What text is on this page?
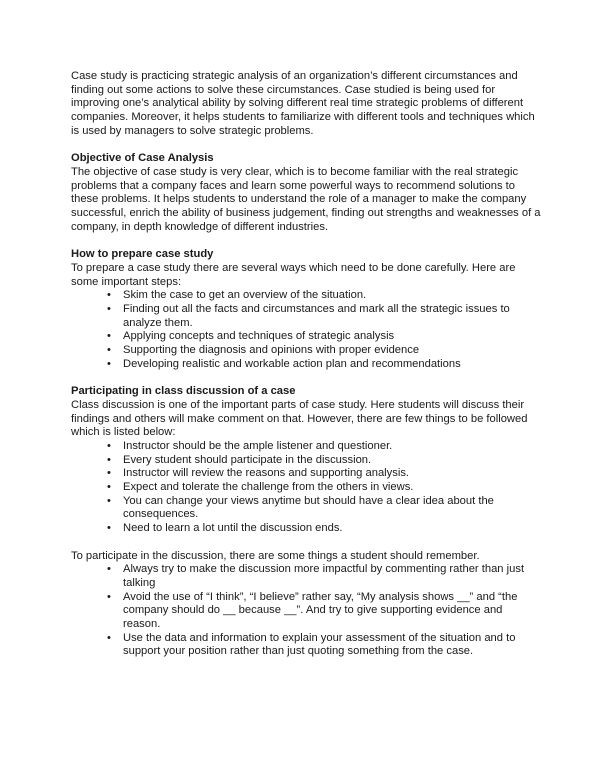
Case study is practicing strategic analysis of an organization’s different circumstances and finding out some actions to solve these circumstances. Case studied is being used for improving one’s analytical ability by solving different real time strategic problems of different companies. Moreover, it helps students to familiarize with different tools and techniques which is used by managers to solve strategic problems.

Objective of Case Analysis

The objective of case study is very clear, which is to become familiar with the real strategic problems that a company faces and learn some powerful ways to recommend solutions to these problems. It helps students to understand the role of a manager to make the company successful, enrich the ability of business judgement, finding out strengths and weaknesses of a company, in depth knowledge of different industries.

How to prepare case study

To prepare a case study there are several ways which need to be done carefully. Here are some important steps:

• Skim the case to get an overview of the situation.
• Finding out all the facts and circumstances and mark all the strategic issues to analyze them.
• Applying concepts and techniques of strategic analysis
• Supporting the diagnosis and opinions with proper evidence
• Developing realistic and workable action plan and recommendations
Participating in class discussion of a case

Class discussion is one of the important parts of case study. Here students will discuss their findings and others will make comment on that. However, there are few things to be followed which is listed below:

• Instructor should be the ample listener and questioner.
• Every student should participate in the discussion.
• Instructor will review the reasons and supporting analysis.
• Expect and tolerate the challenge from the others in views.
• You can change your views anytime but should have a clear idea about the consequences.
• Need to learn a lot until the discussion ends.

To participate in the discussion, there are some things a student should remember.

• Always try to make the discussion more impactful by commenting rather than just talking
• Avoid the use of “I think”, “I believe” rather say, “My analysis shows __” and “the company should do __ because __”. And try to give supporting evidence and reason.
• Use the data and information to explain your assessment of the situation and to support your position rather than just quoting something from the case.
